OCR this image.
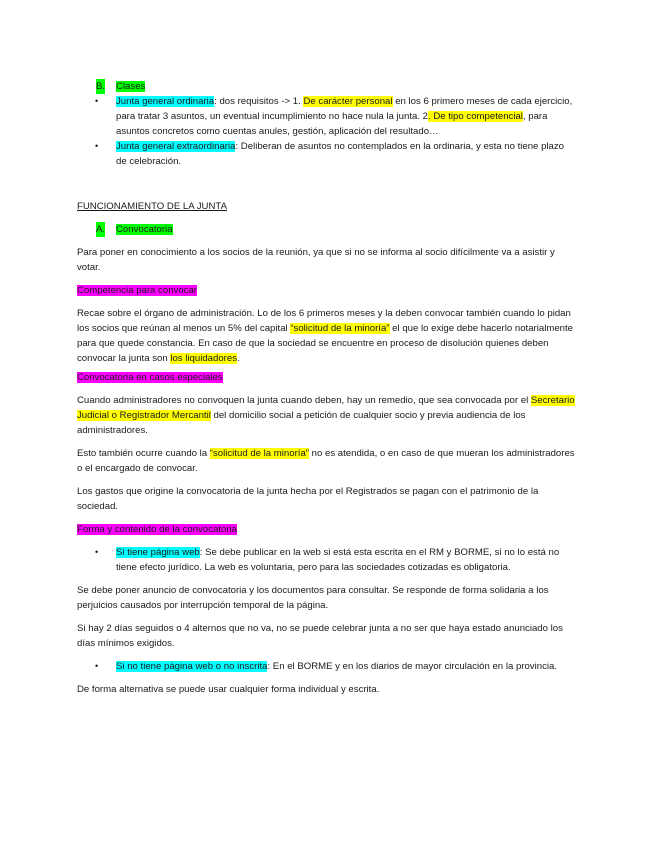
B. Clases

• Junta general ordinaria: dos requisitos -> 1. De carácter personal en los 6 primero meses de cada ejercicio, para tratar 3 asuntos, un eventual incumplimiento no hace nula la junta. 2. De tipo competencial, para asuntos concretos como cuentas anules, gestión, aplicación del resultado…

• Junta general extraordinaria: Deliberan de asuntos no contemplados en la ordinaria, y esta no tiene plazo de celebración.

FUNCIONAMIENTO DE LA JUNTA

A. Convocatoria

Para poner en conocimiento a los socios de la reunión, ya que si no se informa al socio difícilmente va a asistir y votar.

Competencia para convocar

Recae sobre el órgano de administración. Lo de los 6 primeros meses y la deben convocar también cuando lo pidan los socios que reúnan al menos un 5% del capital “solicitud de la minoría” el que lo exige debe hacerlo notarialmente para que quede constancia. En caso de que la sociedad se encuentre en proceso de disolución quienes deben convocar la junta son los liquidadores.

Convocatoria en casos especiales

Cuando administradores no convoquen la junta cuando deben, hay un remedio, que sea convocada por el Secretario Judicial o Registrador Mercantil del domicilio social a petición de cualquier socio y previa audiencia de los administradores.

Esto también ocurre cuando la “solicitud de la minoría” no es atendida, o en caso de que mueran los administradores o el encargado de convocar.

Los gastos que origine la convocatoria de la junta hecha por el Registrados se pagan con el patrimonio de la sociedad.

Forma y contenido de la convocatoria

• Si tiene página web: Se debe publicar en la web si está esta escrita en el RM y BORME, si no lo está no tiene efecto jurídico. La web es voluntaria, pero para las sociedades cotizadas es obligatoria.

Se debe poner anuncio de convocatoria y los documentos para consultar. Se responde de forma solidaria a los perjuicios causados por interrupción temporal de la página.

Si hay 2 días seguidos o 4 alternos que no va, no se puede celebrar junta a no ser que haya estado anunciado los días mínimos exigidos.

• Si no tiene página web o no inscrita: En el BORME y en los diarios de mayor circulación en la provincia.

De forma alternativa se puede usar cualquier forma individual y escrita.
